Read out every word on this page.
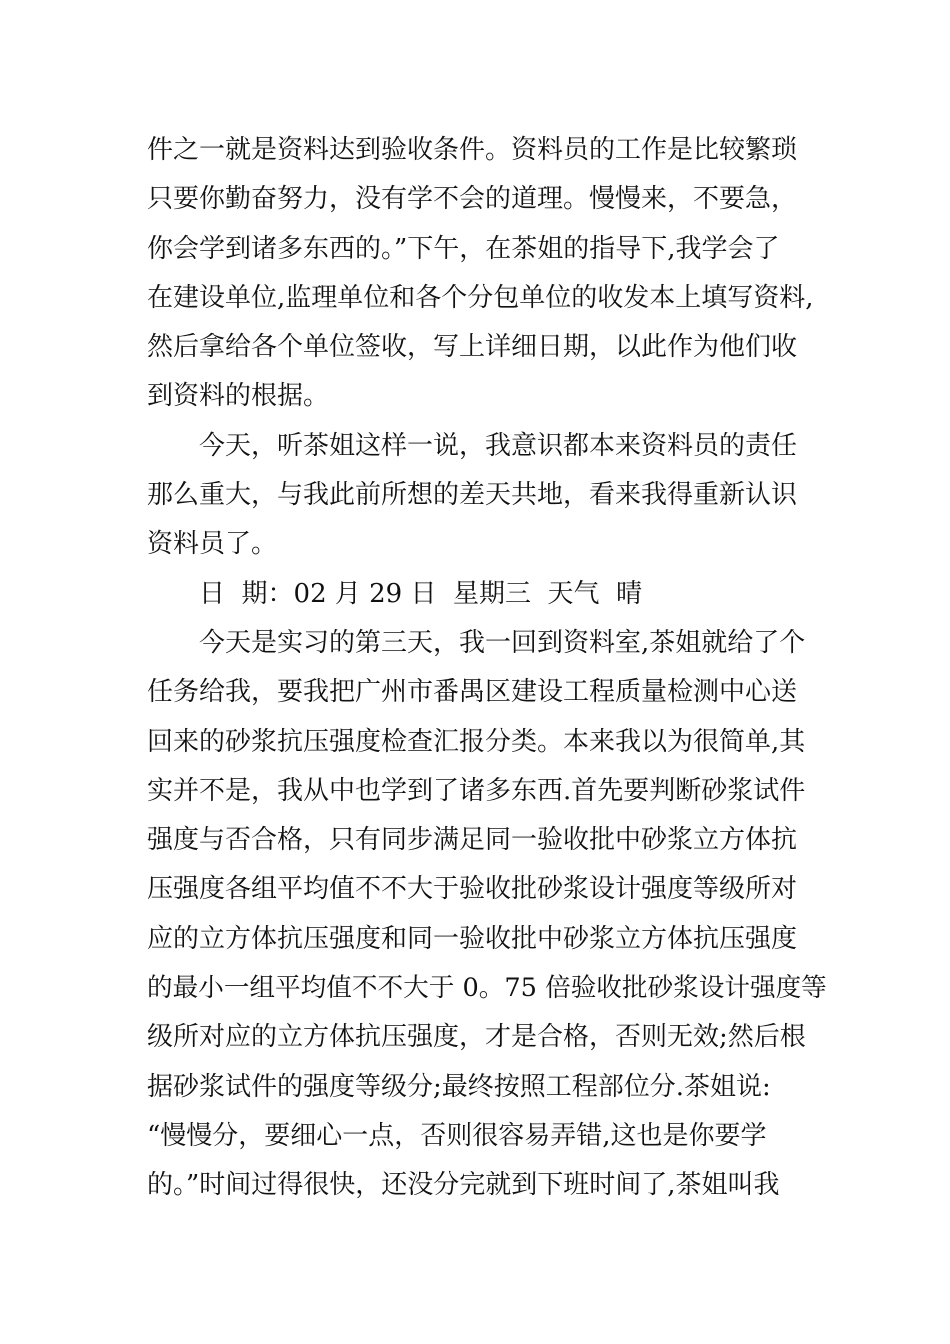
件之一就是资料达到验收条件。资料员的工作是比较繁琐
只要你勤奋努力，没有学不会的道理。慢慢来，不要急，
你会学到诸多东西的。”下午，在茶姐的指导下,我学会了
在建设单位,监理单位和各个分包单位的收发本上填写资料,
然后拿给各个单位签收，写上详细日期，以此作为他们收
到资料的根据。
今天，听茶姐这样一说，我意识都本来资料员的责任
那么重大，与我此前所想的差天共地，看来我得重新认识
资料员了。
日  期：02 月 29 日  星期三  天气  晴
今天是实习的第三天，我一回到资料室,茶姐就给了个
任务给我，要我把广州市番禺区建设工程质量检测中心送
回来的砂浆抗压强度检查汇报分类。本来我以为很简单,其
实并不是，我从中也学到了诸多东西.首先要判断砂浆试件
强度与否合格，只有同步满足同一验收批中砂浆立方体抗
压强度各组平均值不不大于验收批砂浆设计强度等级所对
应的立方体抗压强度和同一验收批中砂浆立方体抗压强度
的最小一组平均值不不大于 0。75 倍验收批砂浆设计强度等
级所对应的立方体抗压强度，才是合格，否则无效;然后根
据砂浆试件的强度等级分;最终按照工程部位分.茶姐说:
“慢慢分，要细心一点，否则很容易弄错,这也是你要学
的。”时间过得很快，还没分完就到下班时间了,茶姐叫我
